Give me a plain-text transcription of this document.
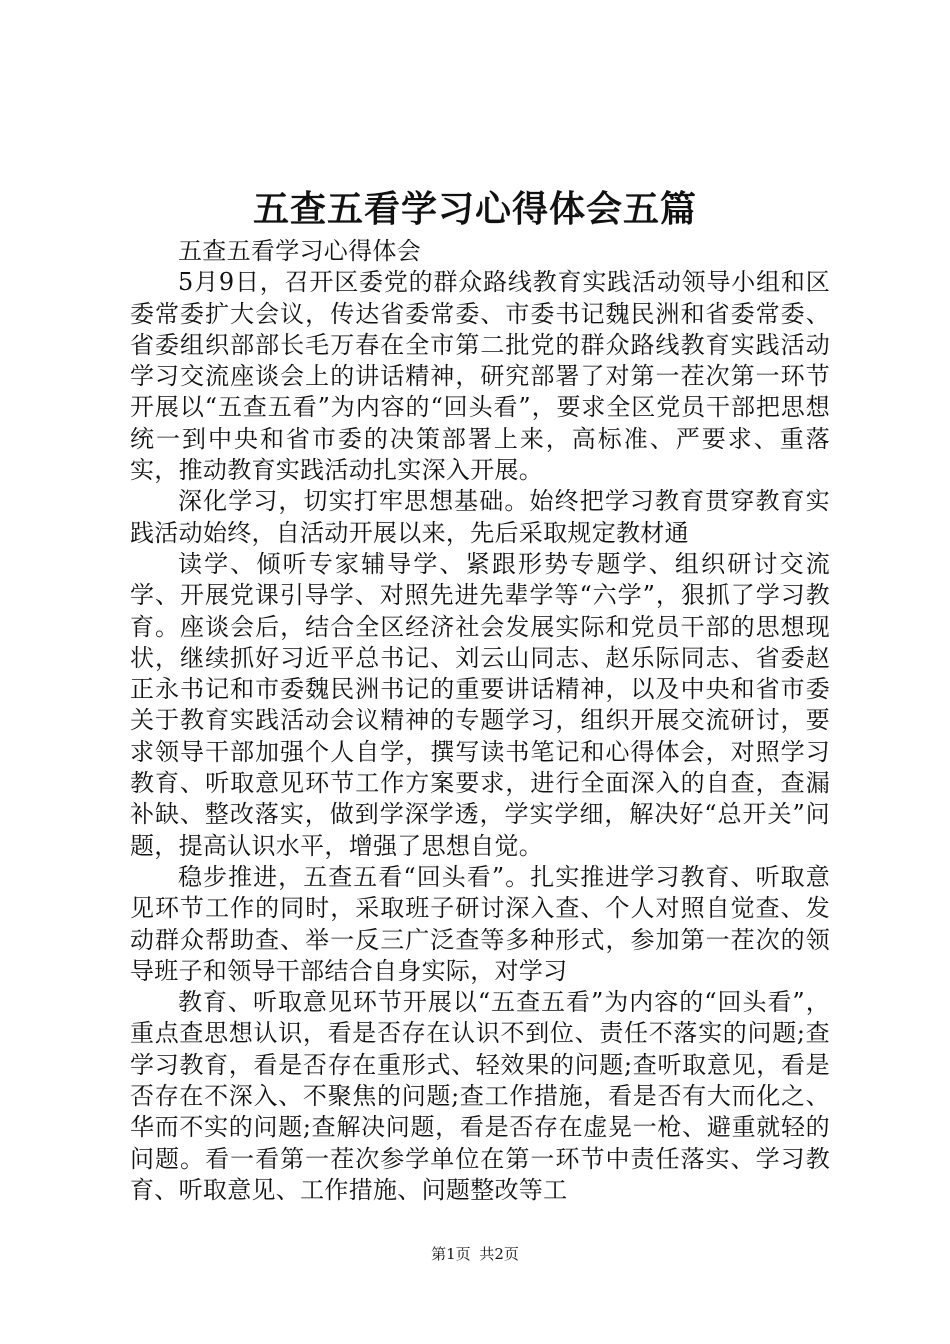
五查五看学习心得体会五篇

五查五看学习心得体会

5月9日，召开区委党的群众路线教育实践活动领导小组和区委常委扩大会议，传达省委常委、市委书记魏民洲和省委常委、省委组织部部长毛万春在全市第二批党的群众路线教育实践活动学习交流座谈会上的讲话精神，研究部署了对第一茬次第一环节开展以“五查五看”为内容的“回头看”，要求全区党员干部把思想统一到中央和省市委的决策部署上来，高标准、严要求、重落实，推动教育实践活动扎实深入开展。

深化学习，切实打牢思想基础。始终把学习教育贯穿教育实践活动始终，自活动开展以来，先后采取规定教材通

读学、倾听专家辅导学、紧跟形势专题学、组织研讨交流学、开展党课引导学、对照先进先辈学等“六学”，狠抓了学习教育。座谈会后，结合全区经济社会发展实际和党员干部的思想现状，继续抓好习近平总书记、刘云山同志、赵乐际同志、省委赵正永书记和市委魏民洲书记的重要讲话精神，以及中央和省市委关于教育实践活动会议精神的专题学习，组织开展交流研讨，要求领导干部加强个人自学，撰写读书笔记和心得体会，对照学习教育、听取意见环节工作方案要求，进行全面深入的自查，查漏补缺、整改落实，做到学深学透，学实学细，解决好“总开关”问题，提高认识水平，增强了思想自觉。

稳步推进，五查五看“回头看”。扎实推进学习教育、听取意见环节工作的同时，采取班子研讨深入查、个人对照自觉查、发动群众帮助查、举一反三广泛查等多种形式，参加第一茬次的领导班子和领导干部结合自身实际，对学习

教育、听取意见环节开展以“五查五看”为内容的“回头看”，重点查思想认识，看是否存在认识不到位、责任不落实的问题;查学习教育，看是否存在重形式、轻效果的问题;查听取意见，看是否存在不深入、不聚焦的问题;查工作措施，看是否有大而化之、华而不实的问题;查解决问题，看是否存在虚晃一枪、避重就轻的问题。看一看第一茬次参学单位在第一环节中责任落实、学习教育、听取意见、工作措施、问题整改等工

第1页 共2页
